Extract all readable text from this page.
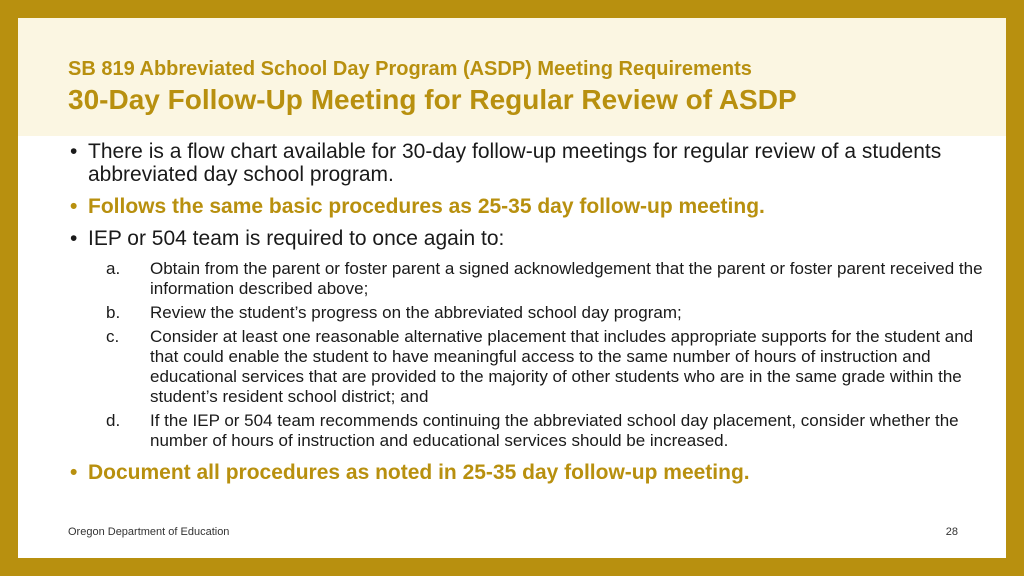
SB 819 Abbreviated School Day Program (ASDP) Meeting Requirements
30-Day Follow-Up Meeting for Regular Review of ASDP
• There is a flow chart available for 30-day follow-up meetings for regular review of a students abbreviated day school program.
• Follows the same basic procedures as 25-35 day follow-up meeting.
• IEP or 504 team is required to once again to:
a. Obtain from the parent or foster parent a signed acknowledgement that the parent or foster parent received the information described above;
b. Review the student’s progress on the abbreviated school day program;
c. Consider at least one reasonable alternative placement that includes appropriate supports for the student and that could enable the student to have meaningful access to the same number of hours of instruction and educational services that are provided to the majority of other students who are in the same grade within the student’s resident school district; and
d. If the IEP or 504 team recommends continuing the abbreviated school day placement, consider whether the number of hours of instruction and educational services should be increased.
• Document all procedures as noted in 25-35 day follow-up meeting.
Oregon Department of Education	28
